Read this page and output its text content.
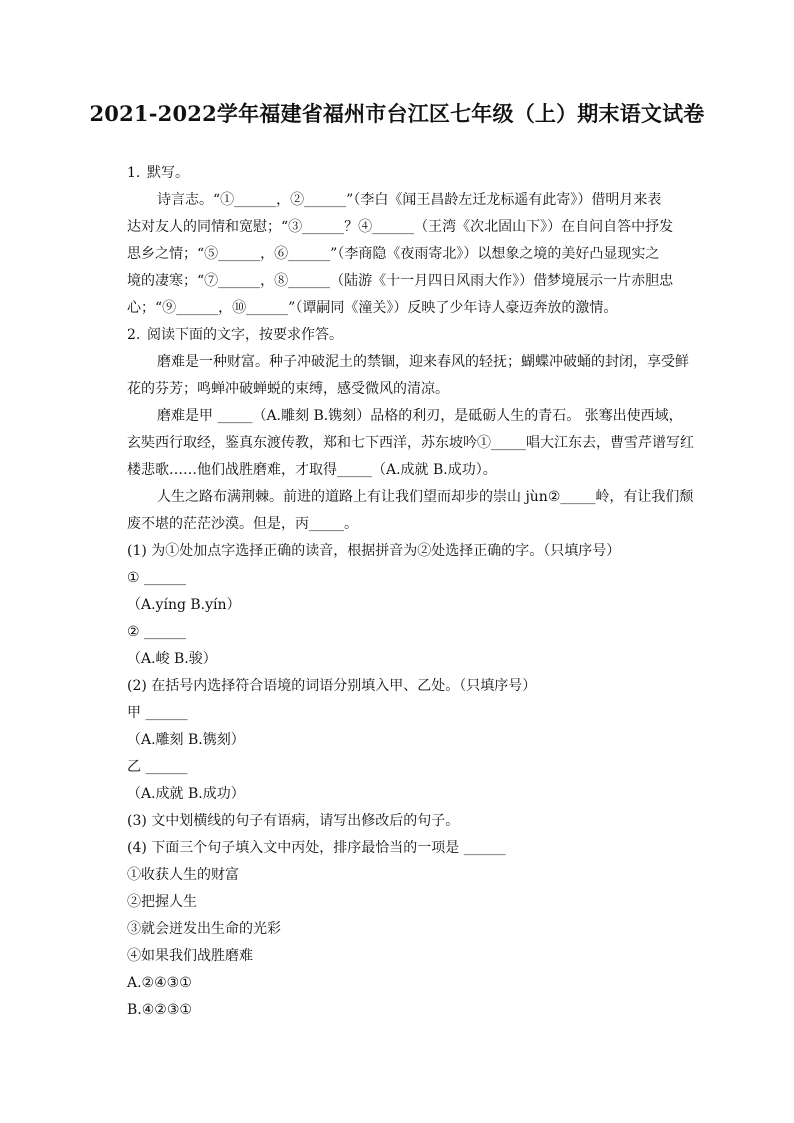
2021-2022学年福建省福州市台江区七年级（上）期末语文试卷
1. 默写。
诗言志。“①______，②______”（李白《闻王昌龄左迁龙标遥有此寄》）借明月来表
达对友人的同情和宽慰；“③______？④______（王湾《次北固山下》）在自问自答中抒发
思乡之情；“⑤______，⑥______”（李商隐《夜雨寄北》）以想象之境的美好凸显现实之
境的凄寒；“⑦______，⑧______（陆游《十一月四日风雨大作》）借梦境展示一片赤胆忠
心；“⑨______，⑩______”（谭嗣同《潼关》）反映了少年诗人豪迈奔放的激情。
2. 阅读下面的文字，按要求作答。
磨难是一种财富。种子冲破泥土的禁锢，迎来春风的轻抚；蝴蝶冲破蛹的封闭，享受鲜
花的芬芳；鸣蝉冲破蝉蜕的束缚，感受微风的清凉。
磨难是甲 _____（A.雕刻 B.镌刻）品格的利刃，是砥砺人生的青石。 张骞出使西域，
玄奘西行取经，鉴真东渡传教，郑和七下西洋，苏东坡吟①_____唱大江东去，曹雪芹谱写红
楼悲歌……他们战胜磨难，才取得_____（A.成就 B.成功）。
人生之路布满荆棘。前进的道路上有让我们望而却步的崇山 jùn②_____岭，有让我们颓
废不堪的茫茫沙漠。但是，丙_____。
(1) 为①处加点字选择正确的读音，根据拼音为②处选择正确的字。（只填序号）
① ______
（A.yíng B.yín）
② ______
（A.峻 B.骏）
(2) 在括号内选择符合语境的词语分别填入甲、乙处。（只填序号）
甲 ______
（A.雕刻 B.镌刻）
乙 ______
（A.成就 B.成功）
(3) 文中划横线的句子有语病，请写出修改后的句子。
(4) 下面三个句子填入文中丙处，排序最恰当的一项是 ______
①收获人生的财富
②把握人生
③就会迸发出生命的光彩
④如果我们战胜磨难
A.②④③①
B.④②③①
